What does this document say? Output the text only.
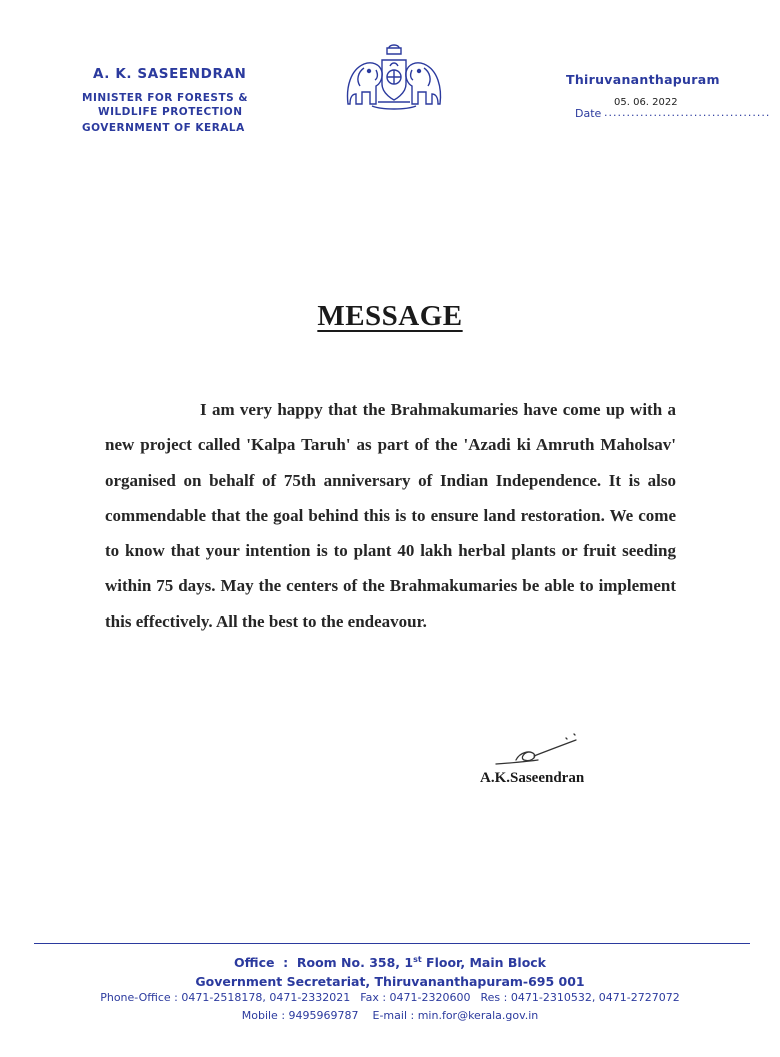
A. K. SASEENDRAN
MINISTER FOR FORESTS &
WILDLIFE PROTECTION
GOVERNMENT OF KERALA
Thiruvananthapuram
05. 06. 2022
Date .....................................
MESSAGE
I am very happy that the Brahmakumaries have come up with a new project called 'Kalpa Taruh' as part of the 'Azadi ki Amruth Maholsav' organised on behalf of 75th anniversary of Indian Independence. It is also commendable that the goal behind this is to ensure land restoration. We come to know that your intention is to plant 40 lakh herbal plants or fruit seeding within 75 days. May the centers of the Brahmakumaries be able to implement this effectively. All the best to the endeavour.
A.K.Saseendran
Office  :  Room No. 358, 1st Floor, Main Block
Government Secretariat, Thiruvananthapuram-695 001
Phone-Office : 0471-2518178, 0471-2332021 Fax : 0471-2320600 Res : 0471-2310532, 0471-2727072
Mobile : 9495969787 E-mail : min.for@kerala.gov.in
